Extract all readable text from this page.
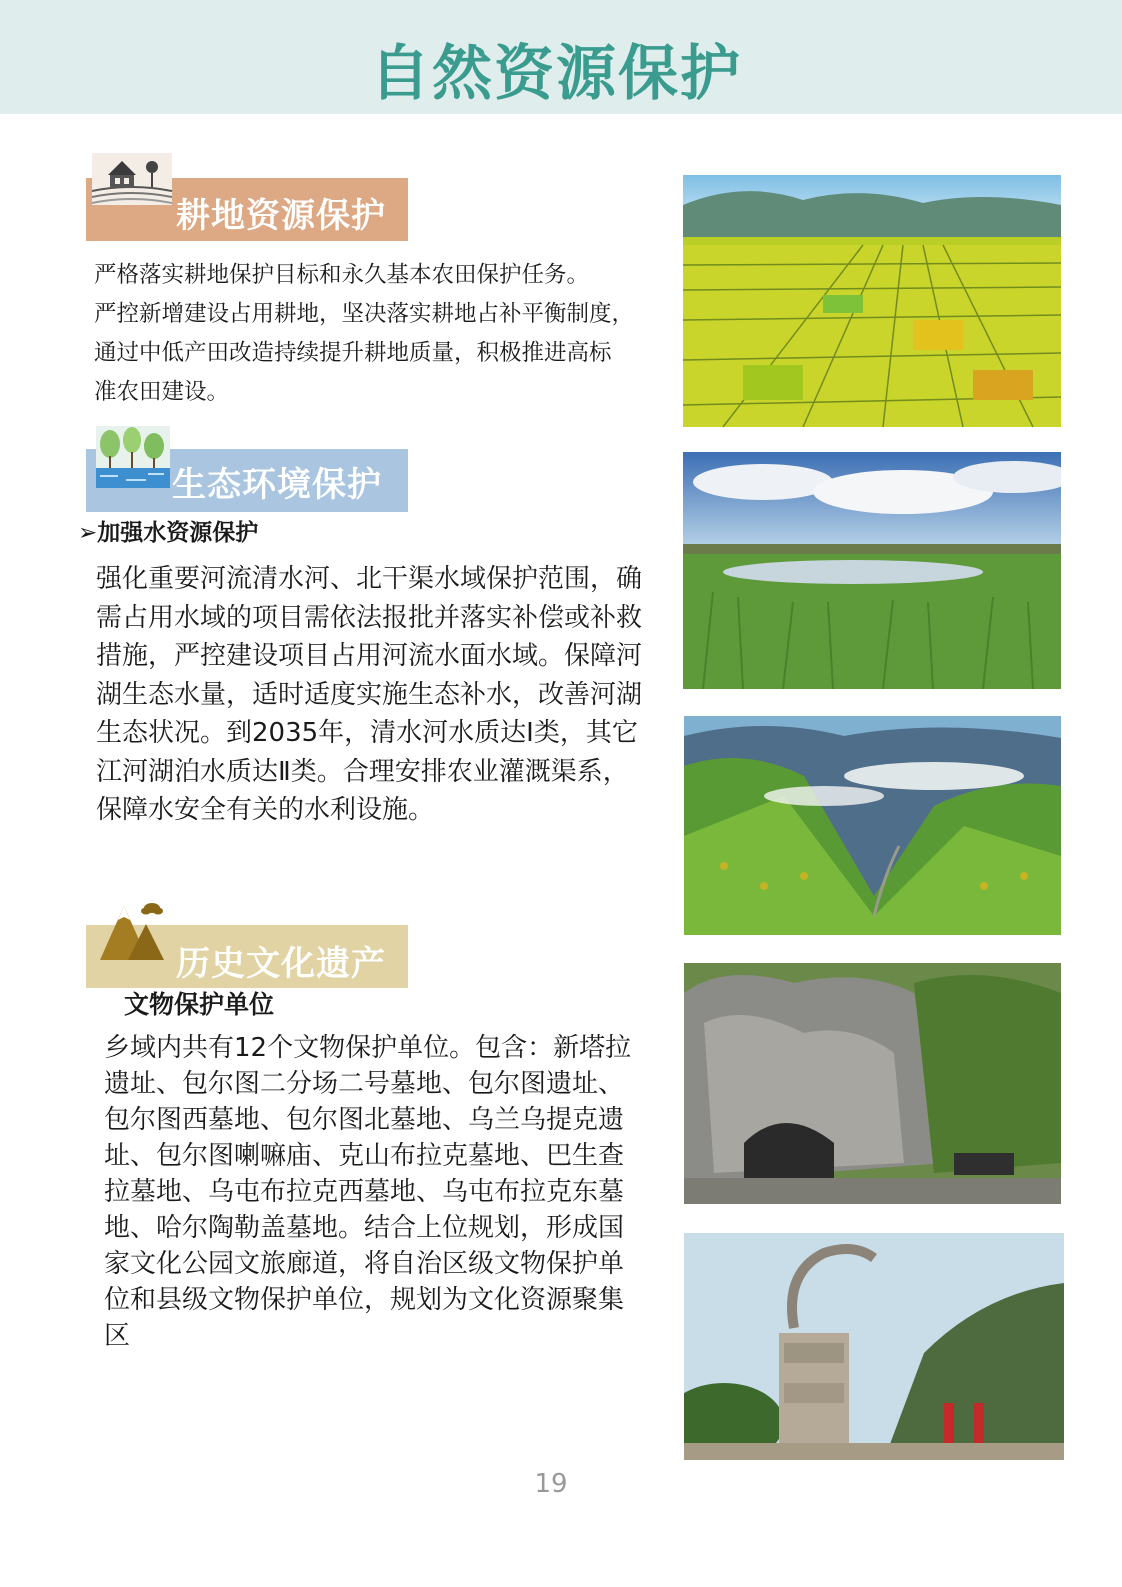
自然资源保护
耕地资源保护
严格落实耕地保护目标和永久基本农田保护任务。
严控新增建设占用耕地，坚决落实耕地占补平衡制度，
通过中低产田改造持续提升耕地质量，积极推进高标
准农田建设。
生态环境保护
➢加强水资源保护
强化重要河流清水河、北干渠水域保护范围，确
需占用水域的项目需依法报批并落实补偿或补救
措施，严控建设项目占用河流水面水域。保障河
湖生态水量，适时适度实施生态补水，改善河湖
生态状况。到2035年，清水河水质达Ⅰ类，其它
江河湖泊水质达Ⅱ类。合理安排农业灌溉渠系，
保障水安全有关的水利设施。
历史文化遗产
文物保护单位
乡域内共有12个文物保护单位。包含：新塔拉
遗址、包尔图二分场二号墓地、包尔图遗址、
包尔图西墓地、包尔图北墓地、乌兰乌提克遗
址、包尔图喇嘛庙、克山布拉克墓地、巴生查
拉墓地、乌屯布拉克西墓地、乌屯布拉克东墓
地、哈尔陶勒盖墓地。结合上位规划，形成国
家文化公园文旅廊道，将自治区级文物保护单
位和县级文物保护单位，规划为文化资源聚集
区
19
